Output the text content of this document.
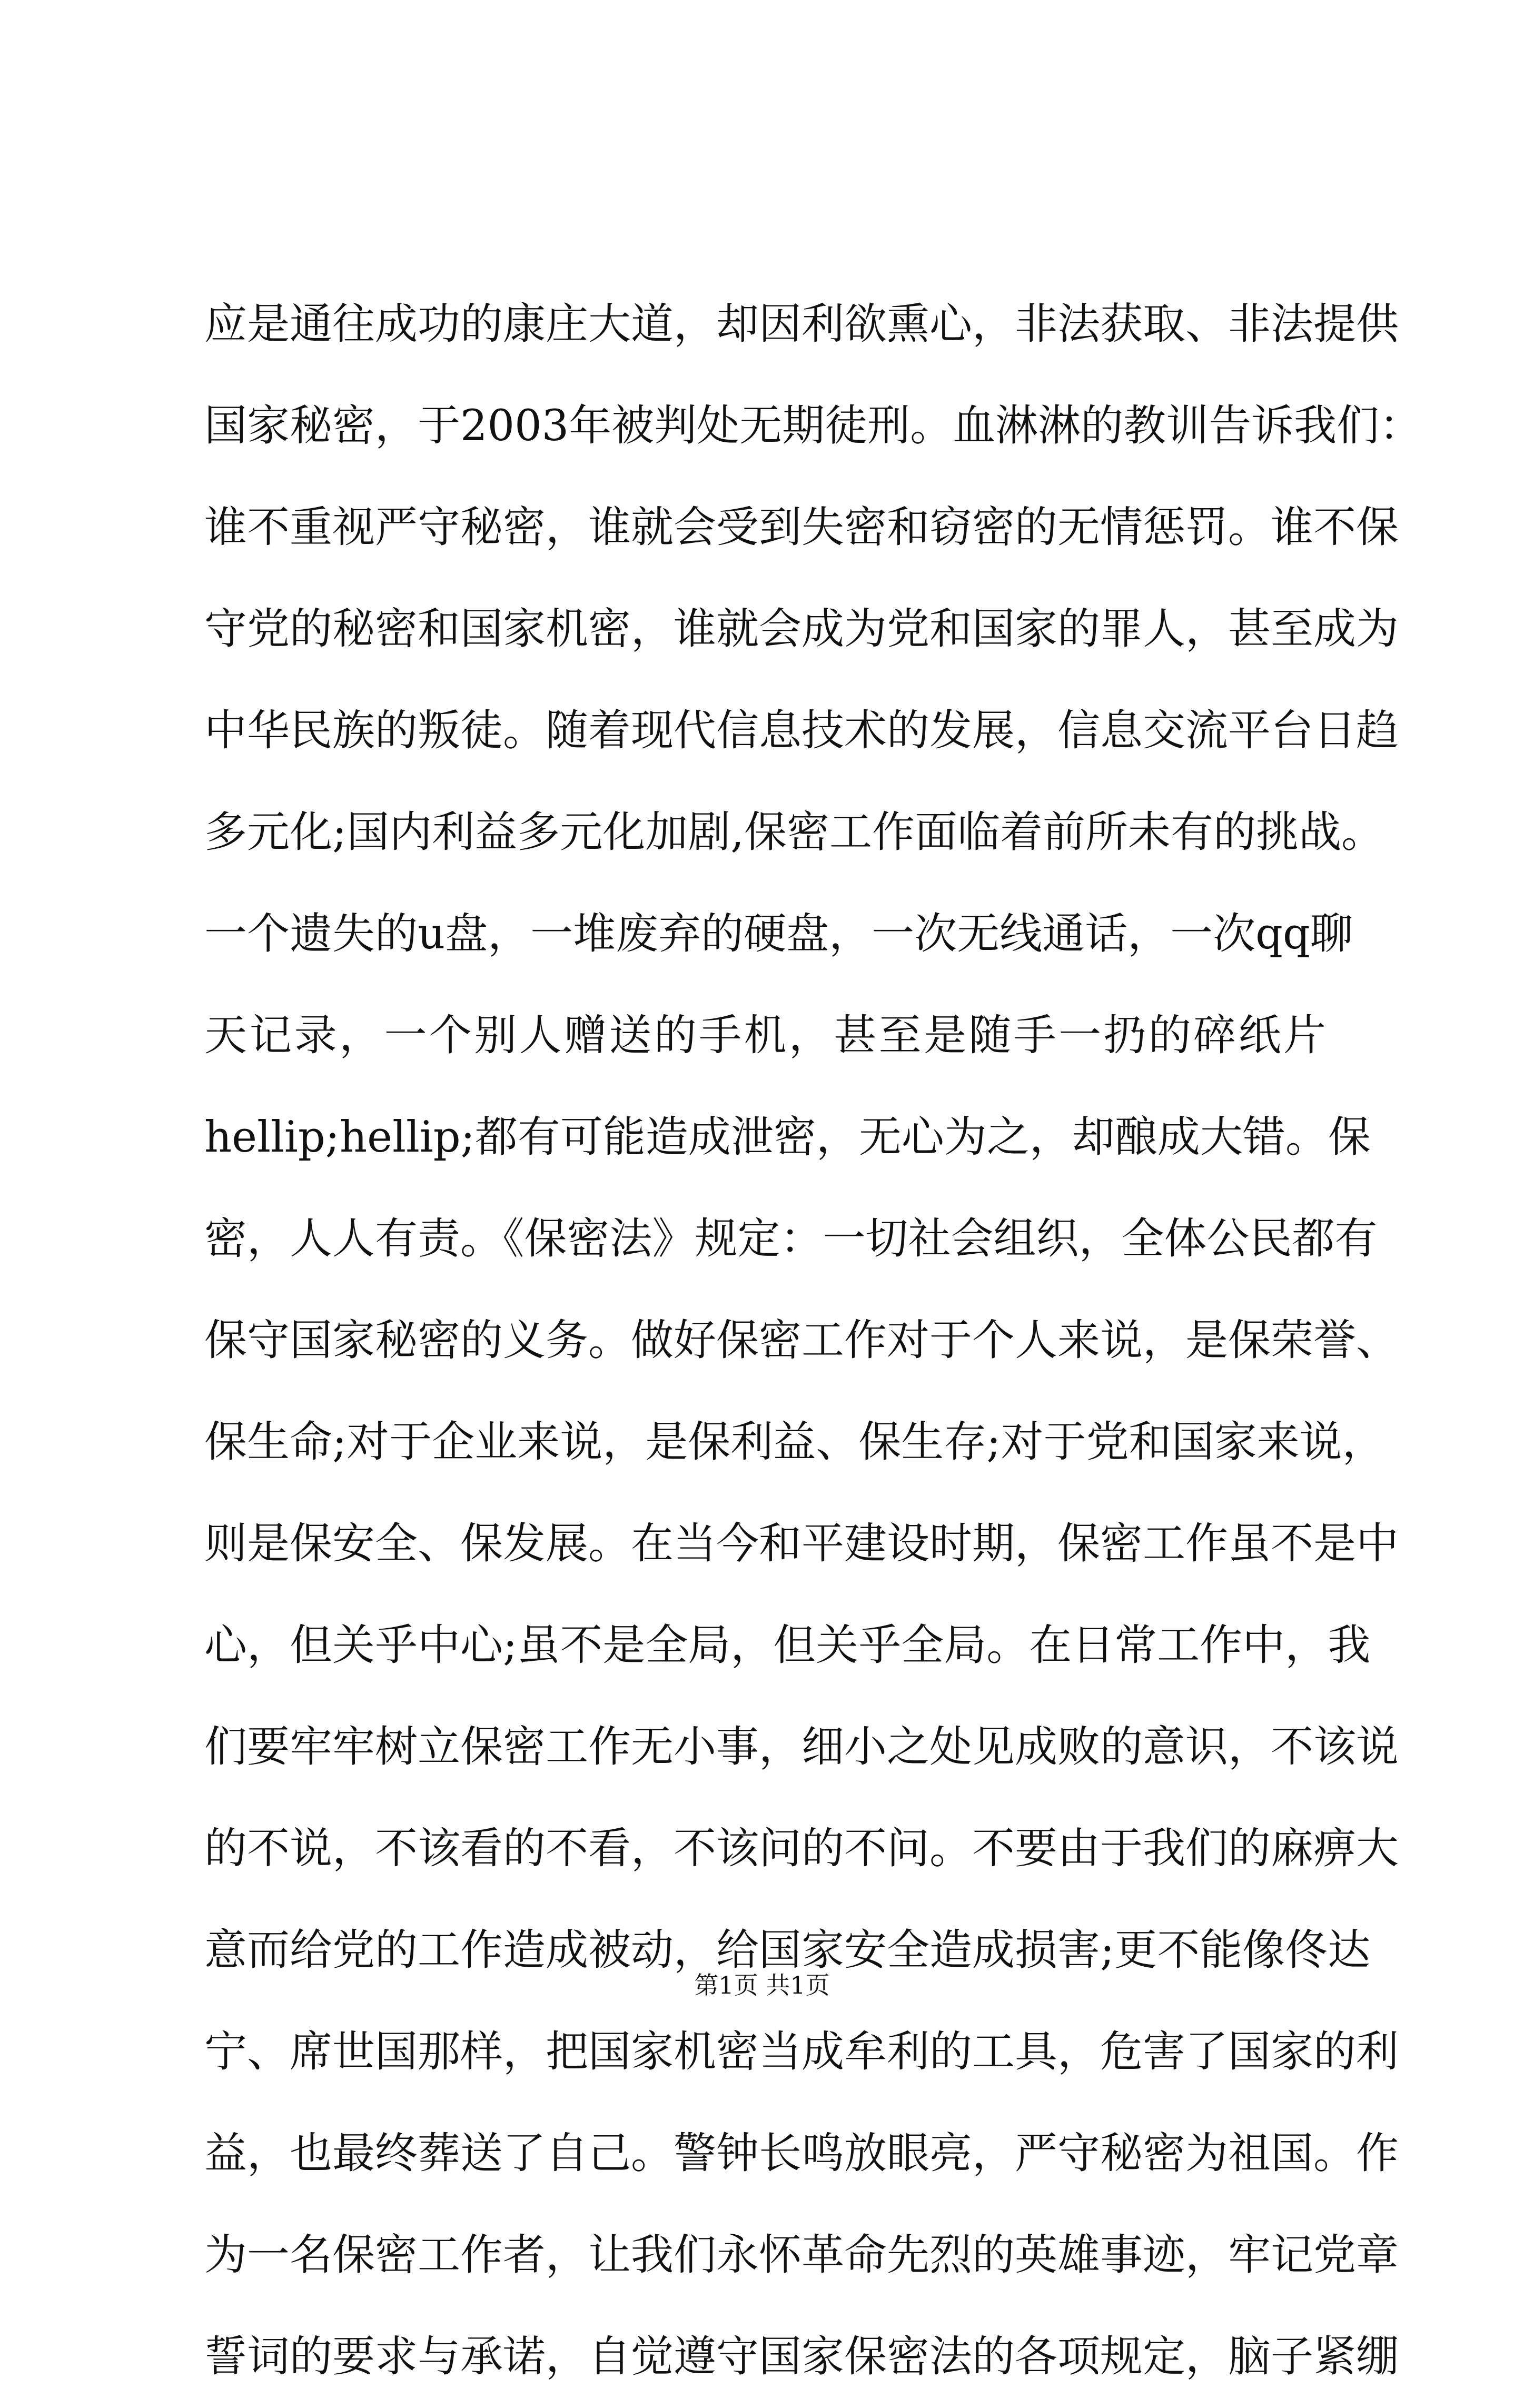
应是通往成功的康庄大道，却因利欲熏心，非法获取、非法提供
国家秘密，于2003年被判处无期徒刑。血淋淋的教训告诉我们：
谁不重视严守秘密，谁就会受到失密和窃密的无情惩罚。谁不保
守党的秘密和国家机密，谁就会成为党和国家的罪人，甚至成为
中华民族的叛徒。随着现代信息技术的发展，信息交流平台日趋
多元化;国内利益多元化加剧,保密工作面临着前所未有的挑战。
一个遗失的u盘，一堆废弃的硬盘，一次无线通话，一次qq聊
天记录，一个别人赠送的手机，甚至是随手一扔的碎纸片
hellip;hellip;都有可能造成泄密，无心为之，却酿成大错。保
密，人人有责。《保密法》规定：一切社会组织，全体公民都有
保守国家秘密的义务。做好保密工作对于个人来说，是保荣誉、
保生命;对于企业来说，是保利益、保生存;对于党和国家来说，
则是保安全、保发展。在当今和平建设时期，保密工作虽不是中
心，但关乎中心;虽不是全局，但关乎全局。在日常工作中，我
们要牢牢树立保密工作无小事，细小之处见成败的意识，不该说
的不说，不该看的不看，不该问的不问。不要由于我们的麻痹大
意而给党的工作造成被动，给国家安全造成损害;更不能像佟达
宁、席世国那样，把国家机密当成牟利的工具，危害了国家的利
益，也最终葬送了自己。警钟长鸣放眼亮，严守秘密为祖国。作
为一名保密工作者，让我们永怀革命先烈的英雄事迹，牢记党章
誓词的要求与承诺，自觉遵守国家保密法的各项规定，脑子紧绷
第1页 共1页
